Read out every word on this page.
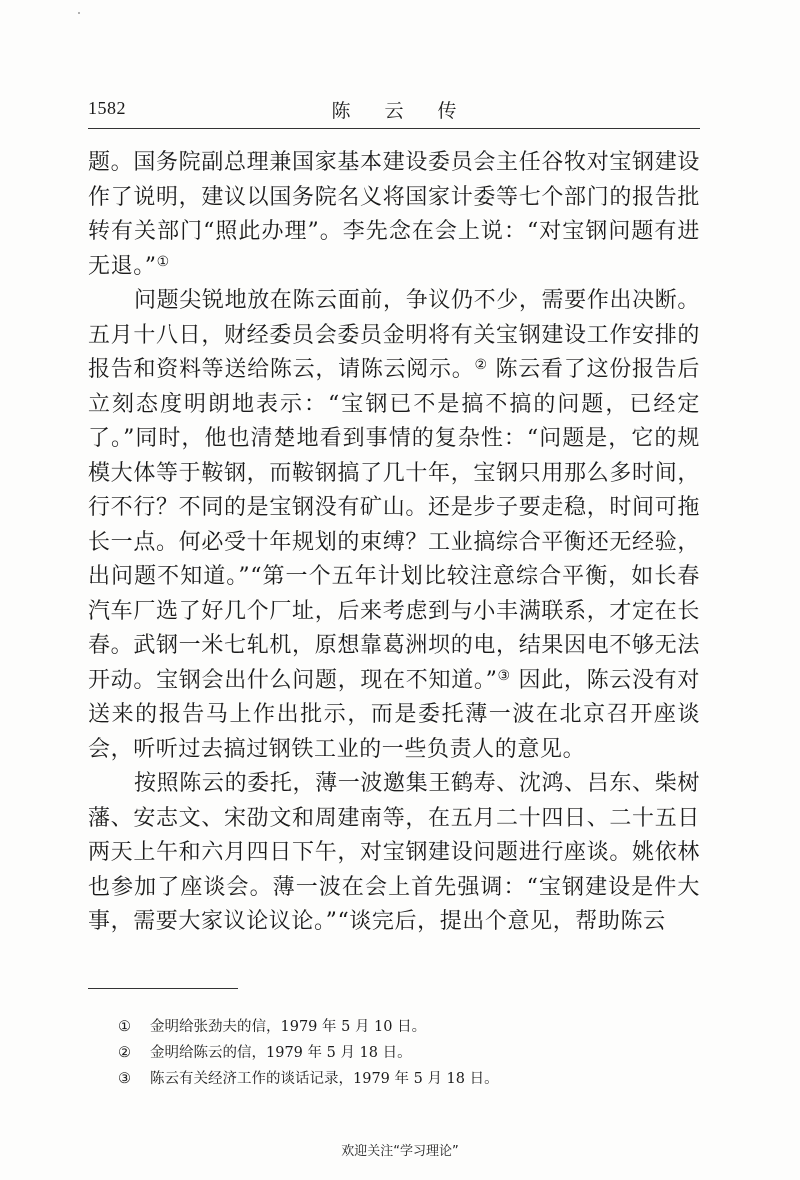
1582	陈 云 传

题。国务院副总理兼国家基本建设委员会主任谷牧对宝钢建设作了说明，建议以国务院名义将国家计委等七个部门的报告批转有关部门“照此办理”。李先念在会上说：“对宝钢问题有进无退。”①

问题尖锐地放在陈云面前，争议仍不少，需要作出决断。五月十八日，财经委员会委员金明将有关宝钢建设工作安排的报告和资料等送给陈云，请陈云阅示。② 陈云看了这份报告后立刻态度明朗地表示：“宝钢已不是搞不搞的问题，已经定了。”同时，他也清楚地看到事情的复杂性：“问题是，它的规模大体等于鞍钢，而鞍钢搞了几十年，宝钢只用那么多时间，行不行？不同的是宝钢没有矿山。还是步子要走稳，时间可拖长一点。何必受十年规划的束缚？工业搞综合平衡还无经验，出问题不知道。”“第一个五年计划比较注意综合平衡，如长春汽车厂选了好几个厂址，后来考虑到与小丰满联系，才定在长春。武钢一米七轧机，原想靠葛洲坝的电，结果因电不够无法开动。宝钢会出什么问题，现在不知道。”③ 因此，陈云没有对送来的报告马上作出批示，而是委托薄一波在北京召开座谈会，听听过去搞过钢铁工业的一些负责人的意见。

按照陈云的委托，薄一波邀集王鹤寿、沈鸿、吕东、柴树藩、安志文、宋劭文和周建南等，在五月二十四日、二十五日两天上午和六月四日下午，对宝钢建设问题进行座谈。姚依林也参加了座谈会。薄一波在会上首先强调：“宝钢建设是件大事，需要大家议论议论。”“谈完后，提出个意见，帮助陈云

① 金明给张劲夫的信，1979 年 5 月 10 日。
② 金明给陈云的信，1979 年 5 月 18 日。
③ 陈云有关经济工作的谈话记录，1979 年 5 月 18 日。
欢迎关注“学习理论”
